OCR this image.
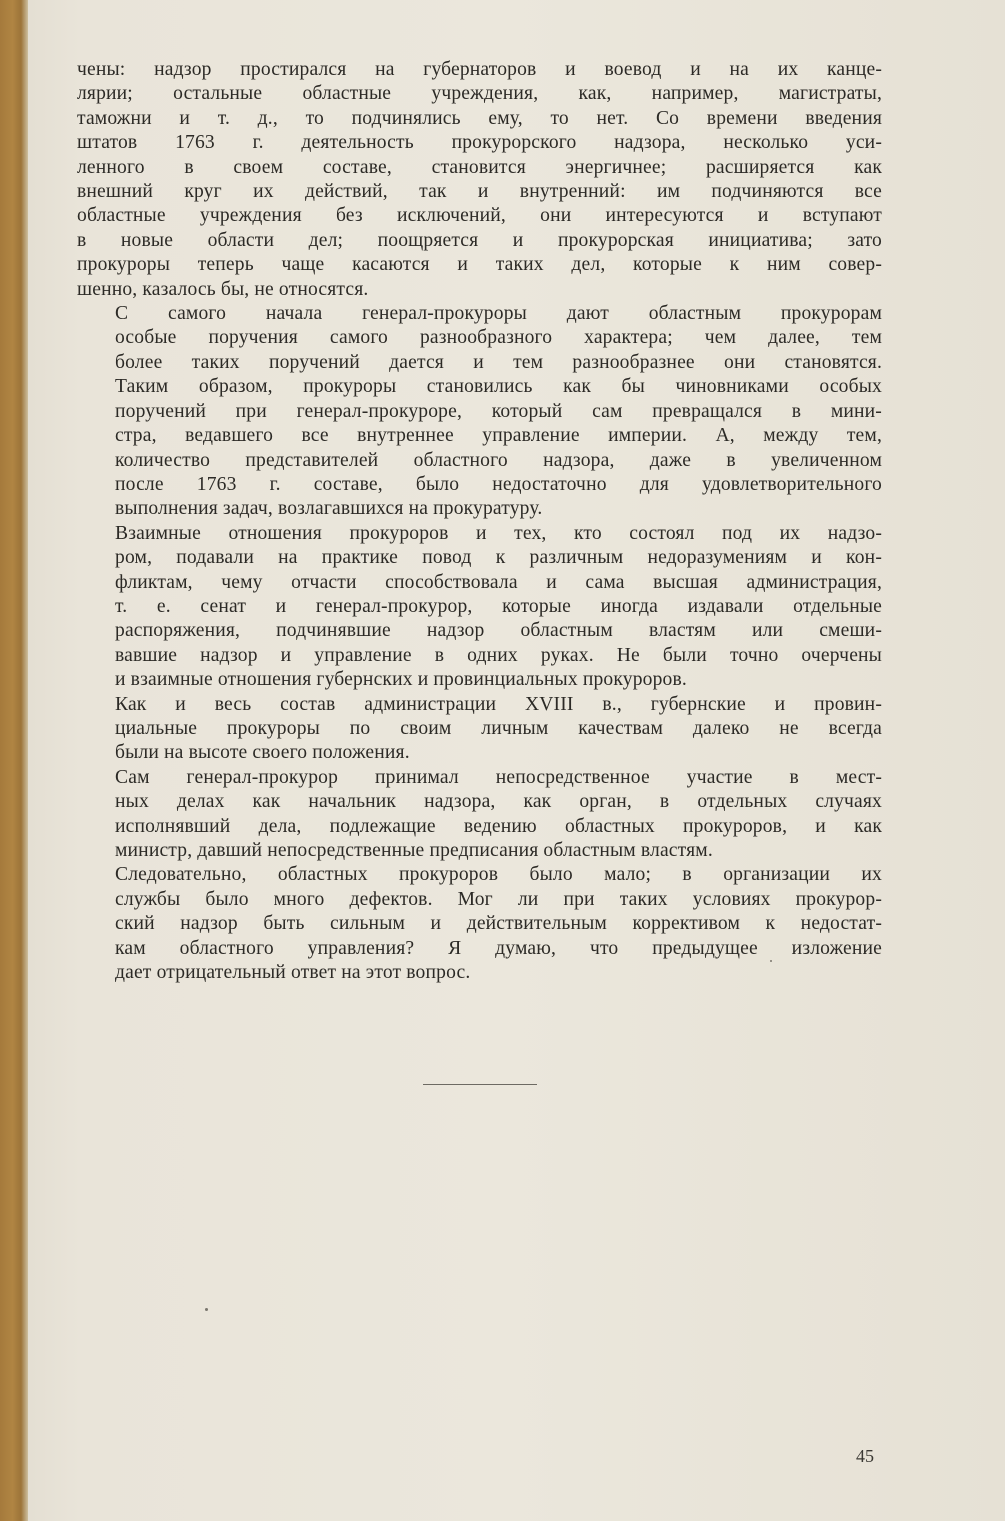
чены: надзор простирался на губернаторов и воевод и на их канце-
лярии; остальные областные учреждения, как, например, магистраты,
таможни и т. д., то подчинялись ему, то нет. Со времени введения
штатов 1763 г. деятельность прокурорского надзора, несколько уси-
ленного в своем составе, становится энергичнее; расширяется как
внешний круг их действий, так и внутренний: им подчиняются все
областные учреждения без исключений, они интересуются и вступают
в новые области дел; поощряется и прокурорская инициатива; зато
прокуроры теперь чаще касаются и таких дел, которые к ним совер-
шенно, казалось бы, не относятся.

С самого начала генерал-прокуроры дают областным прокурорам
особые поручения самого разнообразного характера; чем далее, тем
более таких поручений дается и тем разнообразнее они становятся.
Таким образом, прокуроры становились как бы чиновниками особых
поручений при генерал-прокуроре, который сам превращался в мини-
стра, ведавшего все внутреннее управление империи. А, между тем,
количество представителей областного надзора, даже в увеличенном
после 1763 г. составе, было недостаточно для удовлетворительного
выполнения задач, возлагавшихся на прокуратуру.

Взаимные отношения прокуроров и тех, кто состоял под их надзо-
ром, подавали на практике повод к различным недоразумениям и кон-
фликтам, чему отчасти способствовала и сама высшая администрация,
т. е. сенат и генерал-прокурор, которые иногда издавали отдельные
распоряжения, подчинявшие надзор областным властям или смеши-
вавшие надзор и управление в одних руках. Не были точно очерчены
и взаимные отношения губернских и провинциальных прокуроров.

Как и весь состав администрации XVIII в., губернские и провин-
циальные прокуроры по своим личным качествам далеко не всегда
были на высоте своего положения.

Сам генерал-прокурор принимал непосредственное участие в мест-
ных делах как начальник надзора, как орган, в отдельных случаях
исполнявший дела, подлежащие ведению областных прокуроров, и как
министр, давший непосредственные предписания областным властям.

Следовательно, областных прокуроров было мало; в организации их
службы было много дефектов. Мог ли при таких условиях прокурор-
ский надзор быть сильным и действительным коррективом к недостат-
кам областного управления? Я думаю, что предыдущее изложение
дает отрицательный ответ на этот вопрос.

45
